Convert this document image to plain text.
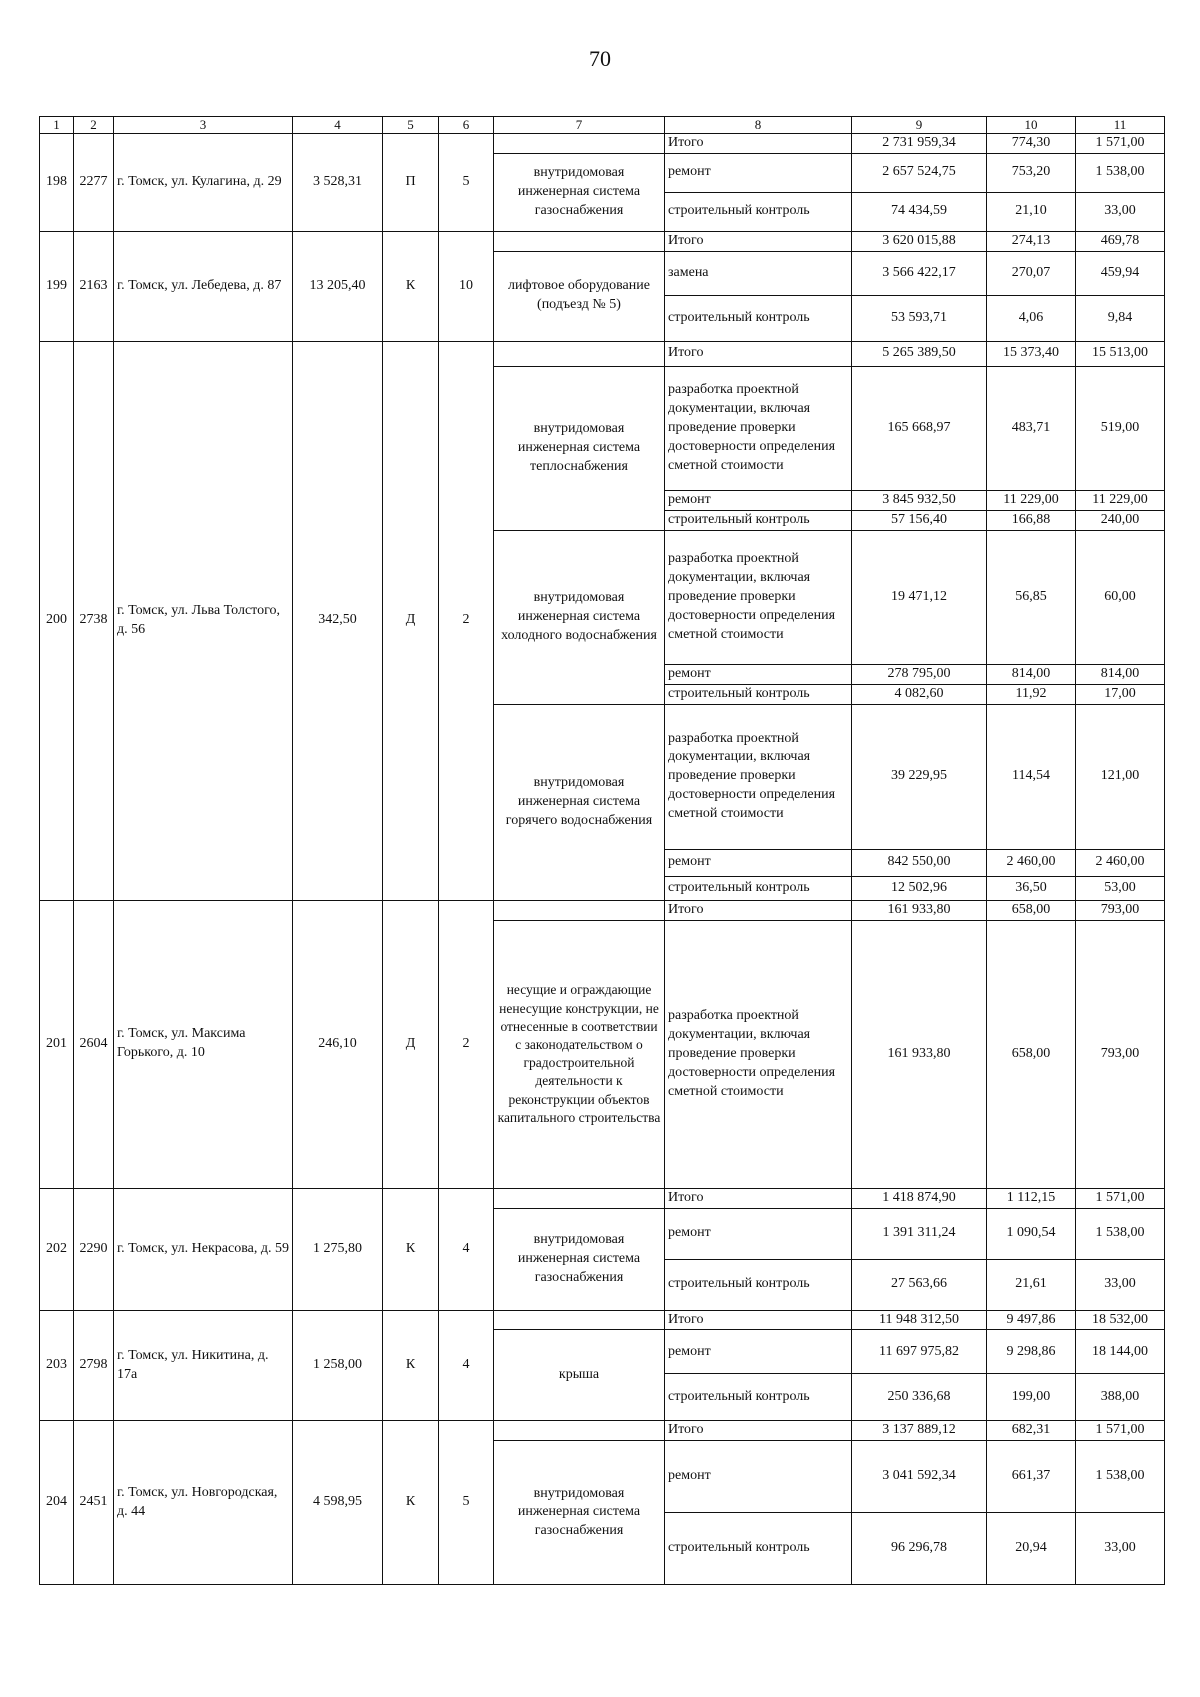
70
1	2	3	4	5	6	7	8	9	10	11
198	2277	г. Томск, ул. Кулагина, д. 29	3 528,31	П	5		Итого	2 731 959,34	774,30	1 571,00
						внутридомовая инженерная система газоснабжения	ремонт	2 657 524,75	753,20	1 538,00
							строительный контроль	74 434,59	21,10	33,00
199	2163	г. Томск, ул. Лебедева, д. 87	13 205,40	К	10		Итого	3 620 015,88	274,13	469,78
						лифтовое оборудование (подъезд № 5)	замена	3 566 422,17	270,07	459,94
							строительный контроль	53 593,71	4,06	9,84
200	2738	г. Томск, ул. Льва Толстого, д. 56	342,50	Д	2		Итого	5 265 389,50	15 373,40	15 513,00
						внутридомовая инженерная система теплоснабжения	разработка проектной документации, включая проведение проверки достоверности определения сметной стоимости	165 668,97	483,71	519,00
							ремонт	3 845 932,50	11 229,00	11 229,00
							строительный контроль	57 156,40	166,88	240,00
						внутридомовая инженерная система холодного водоснабжения	разработка проектной документации, включая проведение проверки достоверности определения сметной стоимости	19 471,12	56,85	60,00
							ремонт	278 795,00	814,00	814,00
							строительный контроль	4 082,60	11,92	17,00
						внутридомовая инженерная система горячего водоснабжения	разработка проектной документации, включая проведение проверки достоверности определения сметной стоимости	39 229,95	114,54	121,00
							ремонт	842 550,00	2 460,00	2 460,00
							строительный контроль	12 502,96	36,50	53,00
201	2604	г. Томск, ул. Максима Горького, д. 10	246,10	Д	2		Итого	161 933,80	658,00	793,00
						несущие и ограждающие ненесущие конструкции, не отнесенные в соответствии с законодательством о градостроительной деятельности к реконструкции объектов капитального строительства	разработка проектной документации, включая проведение проверки достоверности определения сметной стоимости	161 933,80	658,00	793,00
202	2290	г. Томск, ул. Некрасова, д. 59	1 275,80	К	4		Итого	1 418 874,90	1 112,15	1 571,00
						внутридомовая инженерная система газоснабжения	ремонт	1 391 311,24	1 090,54	1 538,00
							строительный контроль	27 563,66	21,61	33,00
203	2798	г. Томск, ул. Никитина, д. 17а	1 258,00	К	4		Итого	11 948 312,50	9 497,86	18 532,00
						крыша	ремонт	11 697 975,82	9 298,86	18 144,00
							строительный контроль	250 336,68	199,00	388,00
204	2451	г. Томск, ул. Новгородская, д. 44	4 598,95	К	5		Итого	3 137 889,12	682,31	1 571,00
						внутридомовая инженерная система газоснабжения	ремонт	3 041 592,34	661,37	1 538,00
							строительный контроль	96 296,78	20,94	33,00
